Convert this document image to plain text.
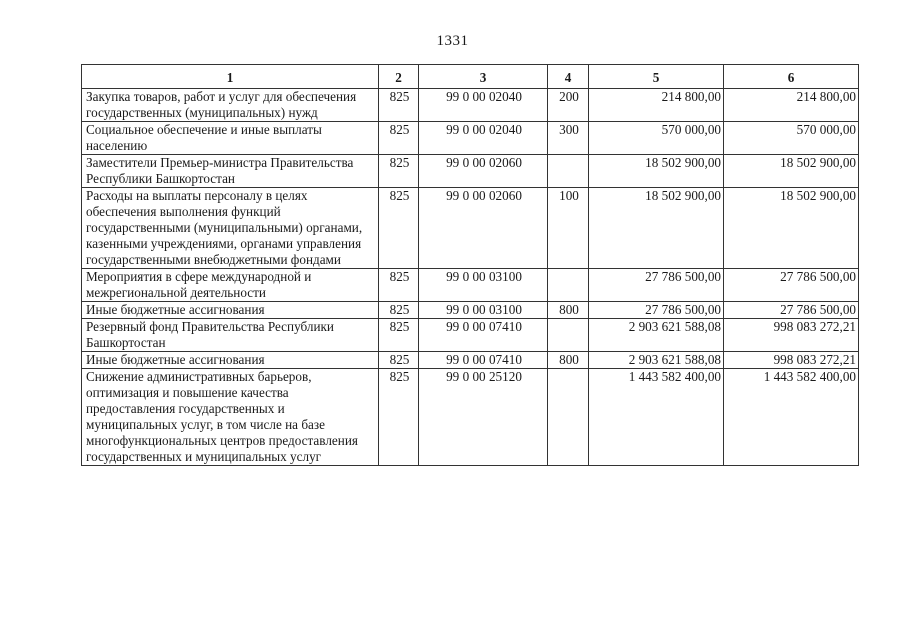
1331
1	2	3	4	5	6
Закупка товаров, работ и услуг для обеспечения государственных (муниципальных) нужд	825	99 0 00 02040	200	214 800,00	214 800,00
Социальное обеспечение и иные выплаты населению	825	99 0 00 02040	300	570 000,00	570 000,00
Заместители Премьер-министра Правительства Республики Башкортостан	825	99 0 00 02060		18 502 900,00	18 502 900,00
Расходы на выплаты персоналу в целях обеспечения выполнения функций государственными (муниципальными) органами, казенными учреждениями, органами управления государственными внебюджетными фондами	825	99 0 00 02060	100	18 502 900,00	18 502 900,00
Мероприятия в сфере международной и межрегиональной деятельности	825	99 0 00 03100		27 786 500,00	27 786 500,00
Иные бюджетные ассигнования	825	99 0 00 03100	800	27 786 500,00	27 786 500,00
Резервный фонд Правительства Республики Башкортостан	825	99 0 00 07410		2 903 621 588,08	998 083 272,21
Иные бюджетные ассигнования	825	99 0 00 07410	800	2 903 621 588,08	998 083 272,21
Снижение административных барьеров, оптимизация и повышение качества предоставления государственных и муниципальных услуг, в том числе на базе многофункциональных центров предоставления государственных и муниципальных услуг	825	99 0 00 25120		1 443 582 400,00	1 443 582 400,00
